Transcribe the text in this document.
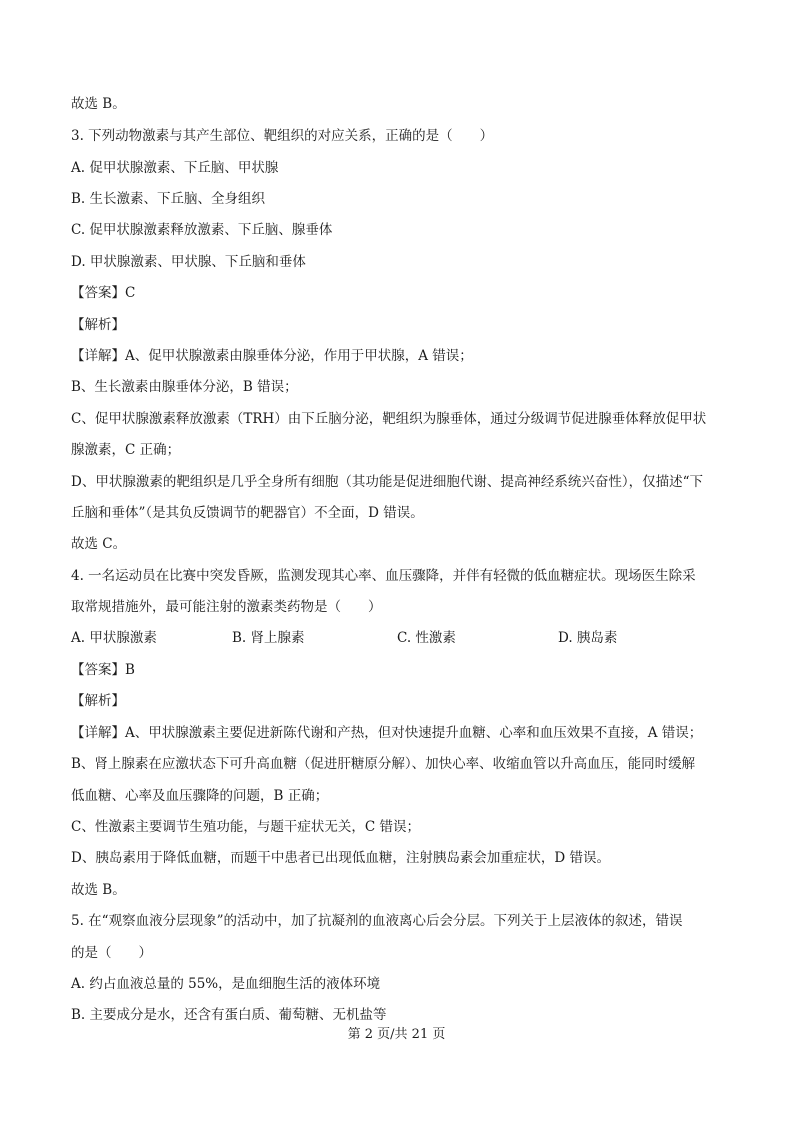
故选 B。
3. 下列动物激素与其产生部位、靶组织的对应关系，正确的是（　　）
A. 促甲状腺激素、下丘脑、甲状腺
B. 生长激素、下丘脑、全身组织
C. 促甲状腺激素释放激素、下丘脑、腺垂体
D. 甲状腺激素、甲状腺、下丘脑和垂体
【答案】C
【解析】
【详解】A、促甲状腺激素由腺垂体分泌，作用于甲状腺，A 错误；
B、生长激素由腺垂体分泌，B 错误；
C、促甲状腺激素释放激素（TRH）由下丘脑分泌，靶组织为腺垂体，通过分级调节促进腺垂体释放促甲状
腺激素，C 正确；
D、甲状腺激素的靶组织是几乎全身所有细胞（其功能是促进细胞代谢、提高神经系统兴奋性），仅描述“下
丘脑和垂体”（是其负反馈调节的靶器官）不全面，D 错误。
故选 C。
4. 一名运动员在比赛中突发昏厥，监测发现其心率、血压骤降，并伴有轻微的低血糖症状。现场医生除采
取常规措施外，最可能注射的激素类药物是（　　）
【答案】B
【解析】
【详解】A、甲状腺激素主要促进新陈代谢和产热，但对快速提升血糖、心率和血压效果不直接，A 错误；
B、肾上腺素在应激状态下可升高血糖（促进肝糖原分解）、加快心率、收缩血管以升高血压，能同时缓解
低血糖、心率及血压骤降的问题，B 正确；
C、性激素主要调节生殖功能，与题干症状无关，C 错误；
D、胰岛素用于降低血糖，而题干中患者已出现低血糖，注射胰岛素会加重症状，D 错误。
故选 B。
5. 在“观察血液分层现象”的活动中，加了抗凝剂的血液离心后会分层。下列关于上层液体的叙述，错误
的是（　　）
A. 约占血液总量的 55%，是血细胞生活的液体环境
B. 主要成分是水，还含有蛋白质、葡萄糖、无机盐等
A. 甲状腺激素	B. 肾上腺素	C. 性激素	D. 胰岛素
第 2 页/共 21 页
